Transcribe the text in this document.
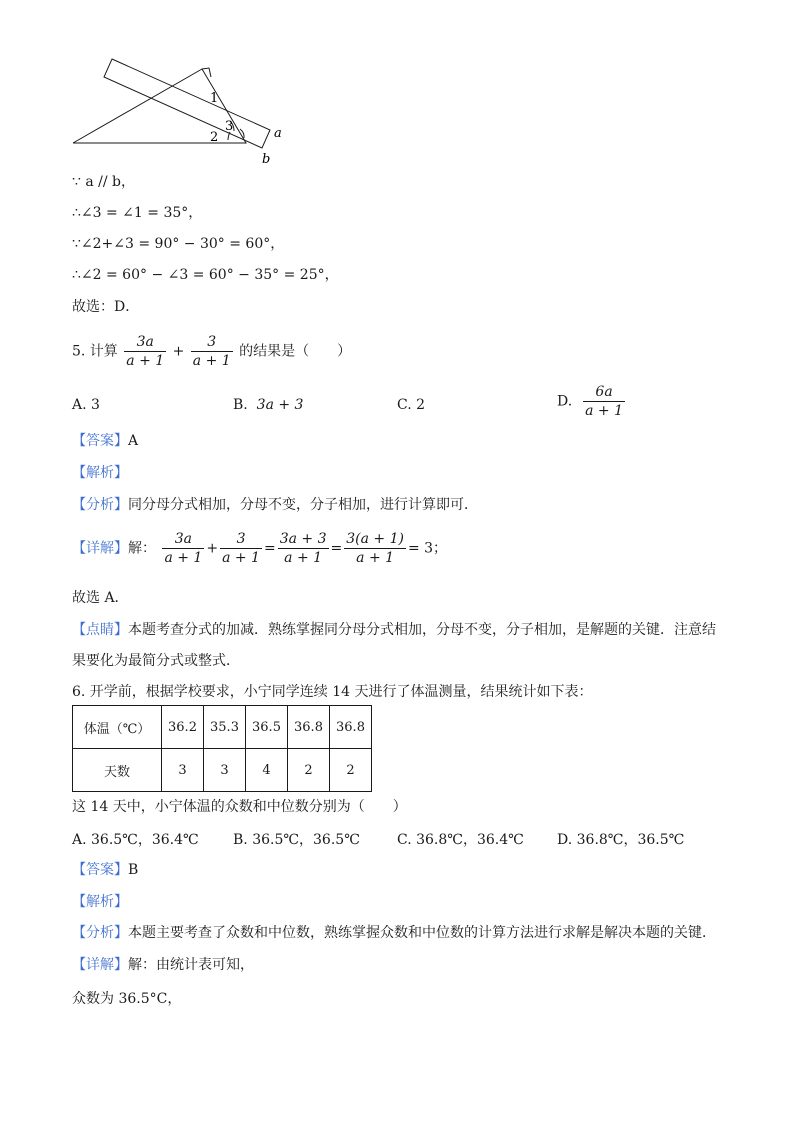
1
2
3	a
b
∵ a // b，
∴∠3 = ∠1 = 35°，
∵∠2+∠3 = 90° − 30° = 60°，
∴∠2 = 60° − ∠3 = 60° − 35° = 25°，
故选：D．
5. 计算 $\frac{3a}{a + 1} + \frac{3}{a + 1}$ 的结果是（　　）
A. 3	B. 3a + 3	C. 2	D. $\frac{6a}{a + 1}$
【答案】A
【解析】
【分析】同分母分式相加，分母不变，分子相加，进行计算即可．
【详解】解： $\frac{3a}{a + 1} + \frac{3}{a + 1} = \frac{3a + 3}{a + 1} = \frac{3(a + 1)}{a + 1} = 3$；
故选 A．
【点睛】本题考查分式的加减．熟练掌握同分母分式相加，分母不变，分子相加，是解题的关键．注意结
果要化为最简分式或整式．
6. 开学前，根据学校要求，小宁同学连续 14 天进行了体温测量，结果统计如下表：
体温（℃）	36.2	35.3	36.5	36.8	36.8
天数	3	3	4	2	2
这 14 天中，小宁体温的众数和中位数分别为（　　）
A. 36.5℃，36.4℃ B. 36.5℃，36.5℃	C. 36.8℃，36.4℃ D. 36.8℃，36.5℃
【答案】B
【解析】
【分析】本题主要考查了众数和中位数，熟练掌握众数和中位数的计算方法进行求解是解决本题的关键．
【详解】解：由统计表可知，
众数为 36.5°C，
